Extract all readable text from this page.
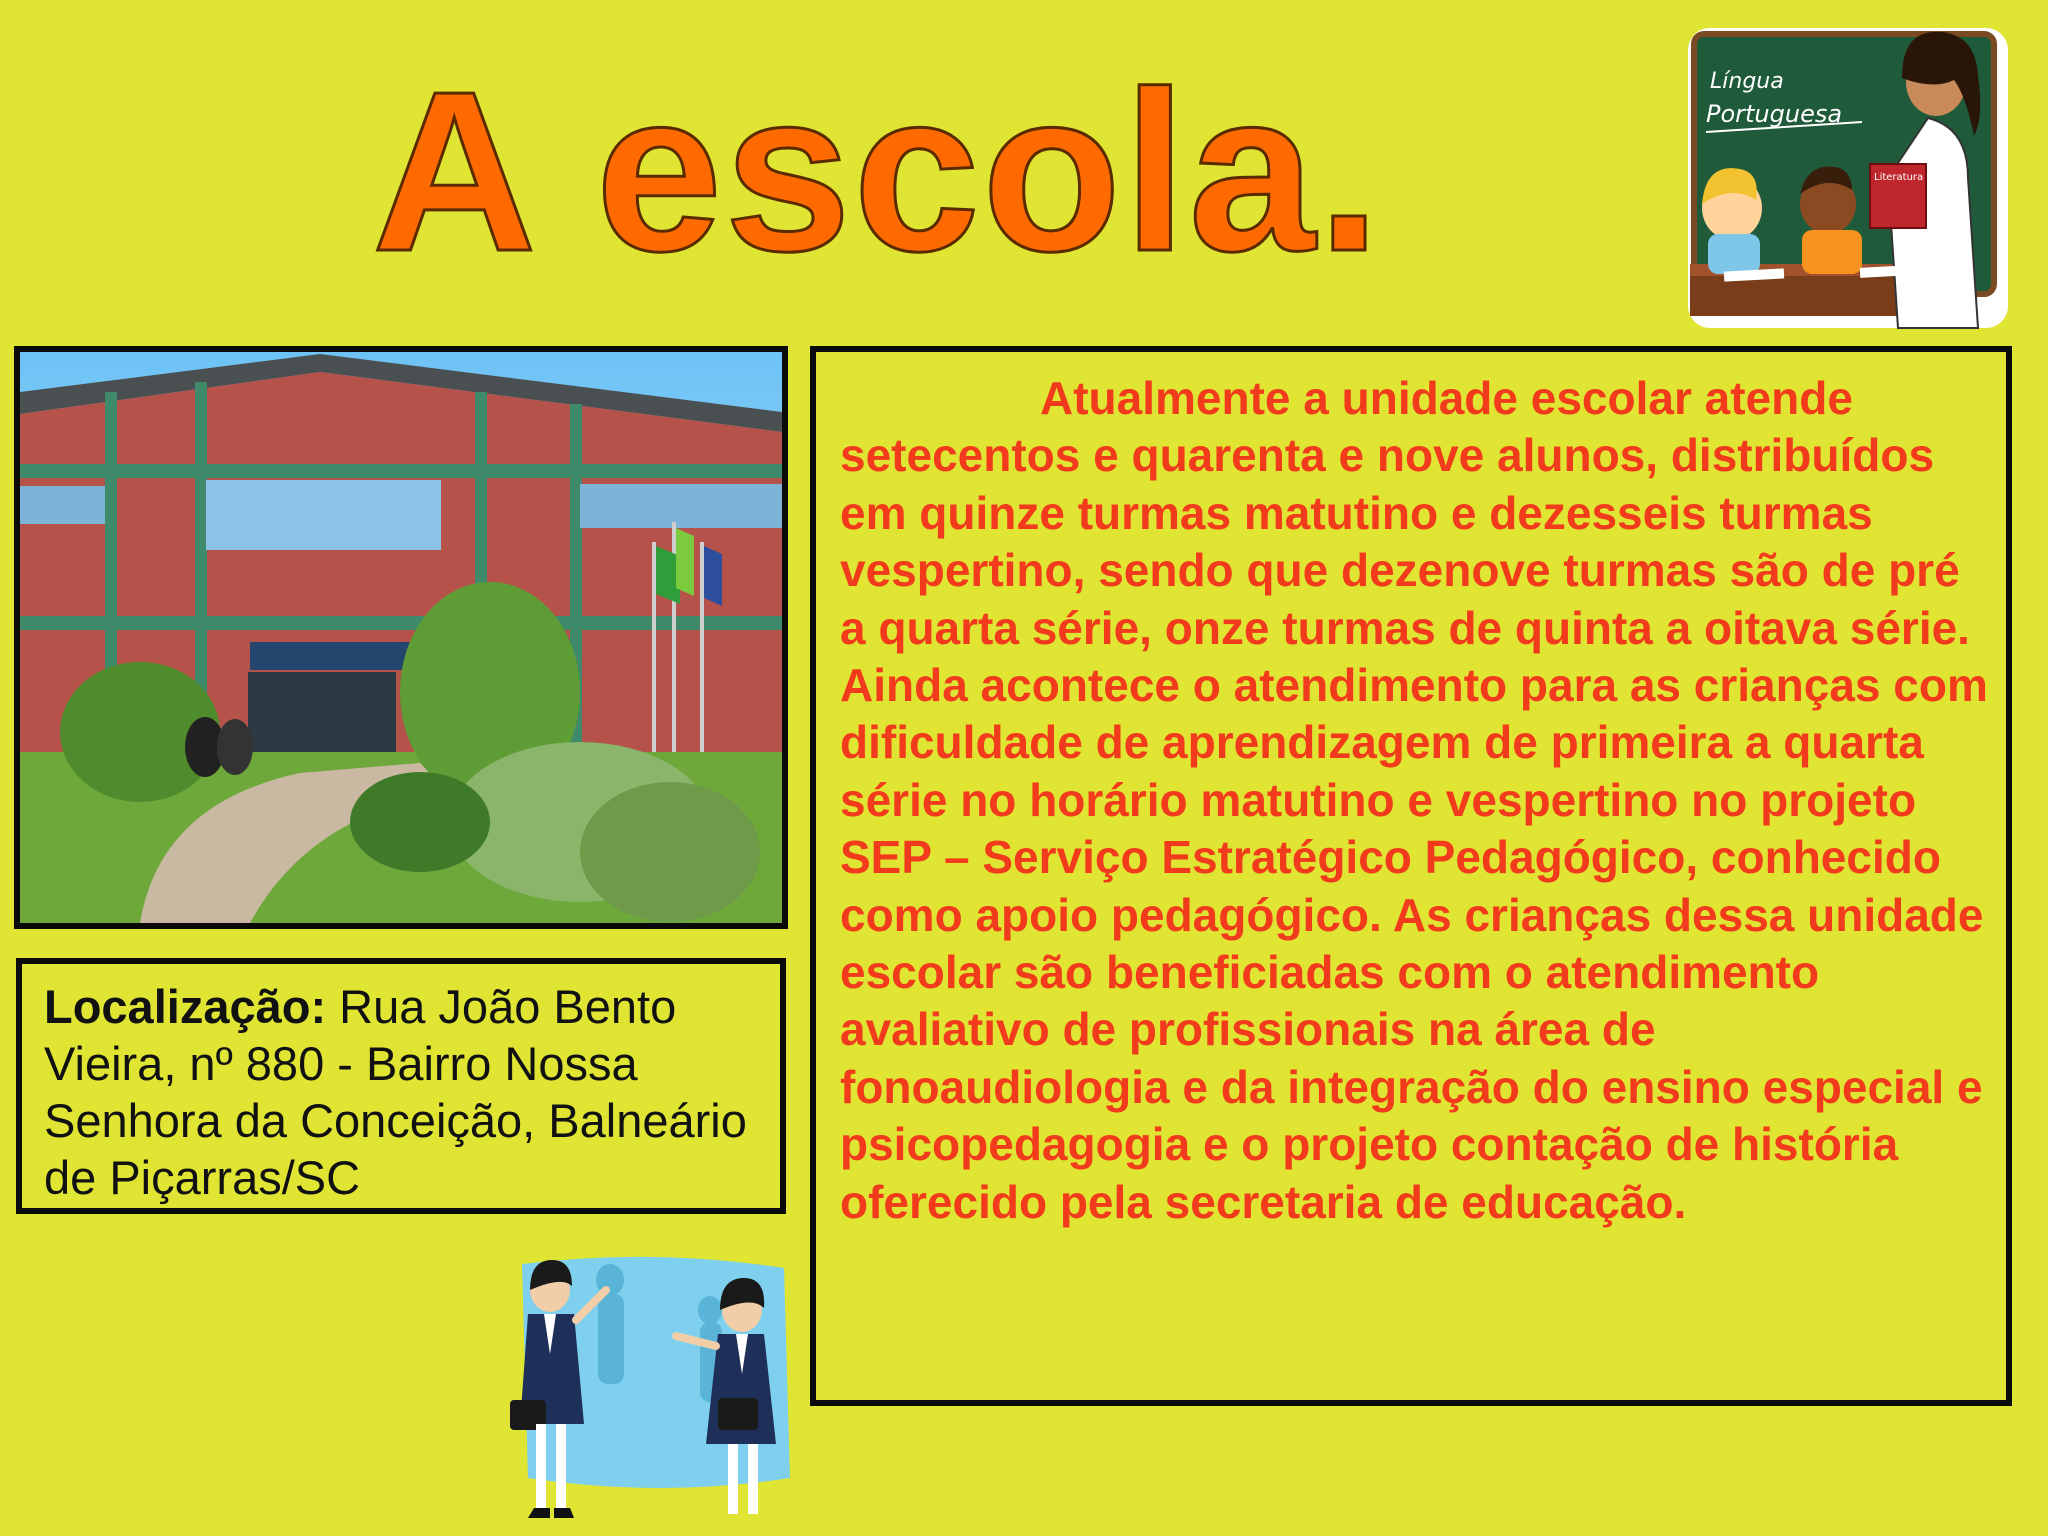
A escola.	Língua
Portuguesa
Literatura
Localização: Rua João Bento Vieira, nº 880 - Bairro Nossa Senhora da Conceição, Balneário de Piçarras/SC

Atualmente a unidade escolar atende setecentos e quarenta e nove alunos, distribuídos em quinze turmas matutino e dezesseis turmas vespertino, sendo que dezenove turmas são de pré a quarta série, onze turmas de quinta a oitava série. Ainda acontece o atendimento para as crianças com dificuldade de aprendizagem de primeira a quarta série no horário matutino e vespertino no projeto SEP – Serviço Estratégico Pedagógico, conhecido como apoio pedagógico. As crianças dessa unidade escolar são beneficiadas com o atendimento avaliativo de profissionais na área de fonoaudiologia e da integração do ensino especial e psicopedagogia e o projeto contação de história oferecido pela secretaria de educação.
